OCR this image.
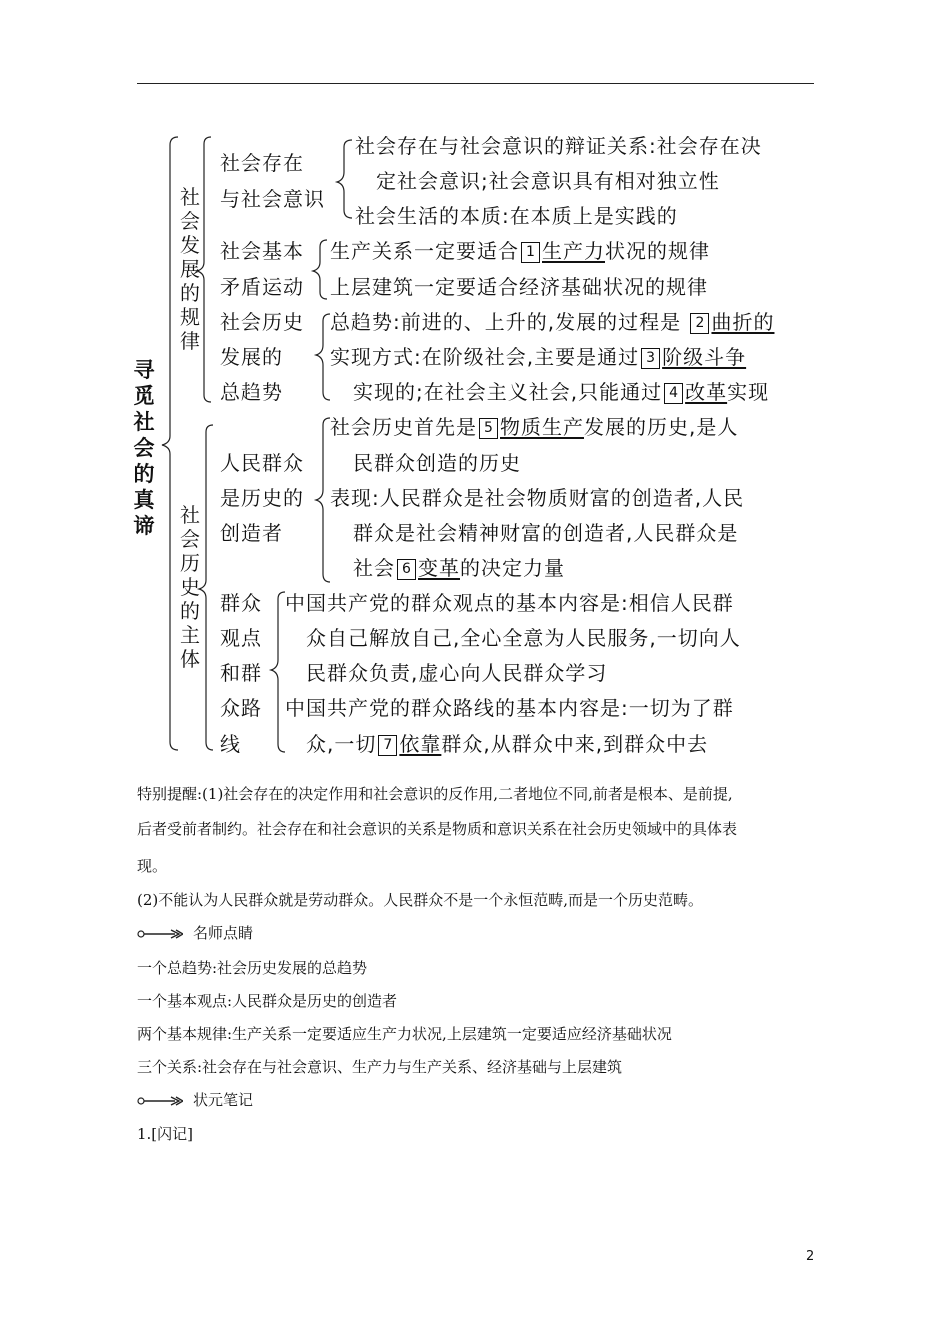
寻
觅
社
会
的
真
谛
社
会
发
展
的
规
律
社
会
历
史
的
主
体
社会存在
与社会意识
社会存在与社会意识的辩证关系:社会存在决
定社会意识;社会意识具有相对独立性
社会生活的本质:在本质上是实践的
社会基本
矛盾运动
生产关系一定要适合 1 生产力状况的规律
上层建筑一定要适合经济基础状况的规律
社会历史
发展的
总趋势
总趋势:前进的、上升的,发展的过程是 2 曲折的
实现方式:在阶级社会,主要是通过 3 阶级斗争
实现的;在社会主义社会,只能通过 4 改革实现
人民群众
是历史的
创造者
社会历史首先是 5 物质生产发展的历史,是人
民群众创造的历史
表现:人民群众是社会物质财富的创造者,人民
群众是社会精神财富的创造者,人民群众是
社会 6 变革的决定力量
群众
观点
和群
众路
线
中国共产党的群众观点的基本内容是:相信人民群
众自己解放自己,全心全意为人民服务,一切向人
民群众负责,虚心向人民群众学习
中国共产党的群众路线的基本内容是:一切为了群
众,一切 7 依靠群众,从群众中来,到群众中去
特别提醒:(1)社会存在的决定作用和社会意识的反作用,二者地位不同,前者是根本、是前提,
后者受前者制约。社会存在和社会意识的关系是物质和意识关系在社会历史领域中的具体表
现。
(2)不能认为人民群众就是劳动群众。人民群众不是一个永恒范畴,而是一个历史范畴。
名师点睛
一个总趋势:社会历史发展的总趋势
一个基本观点:人民群众是历史的创造者
两个基本规律:生产关系一定要适应生产力状况,上层建筑一定要适应经济基础状况
三个关系:社会存在与社会意识、生产力与生产关系、经济基础与上层建筑
状元笔记
1.[闪记]
2
